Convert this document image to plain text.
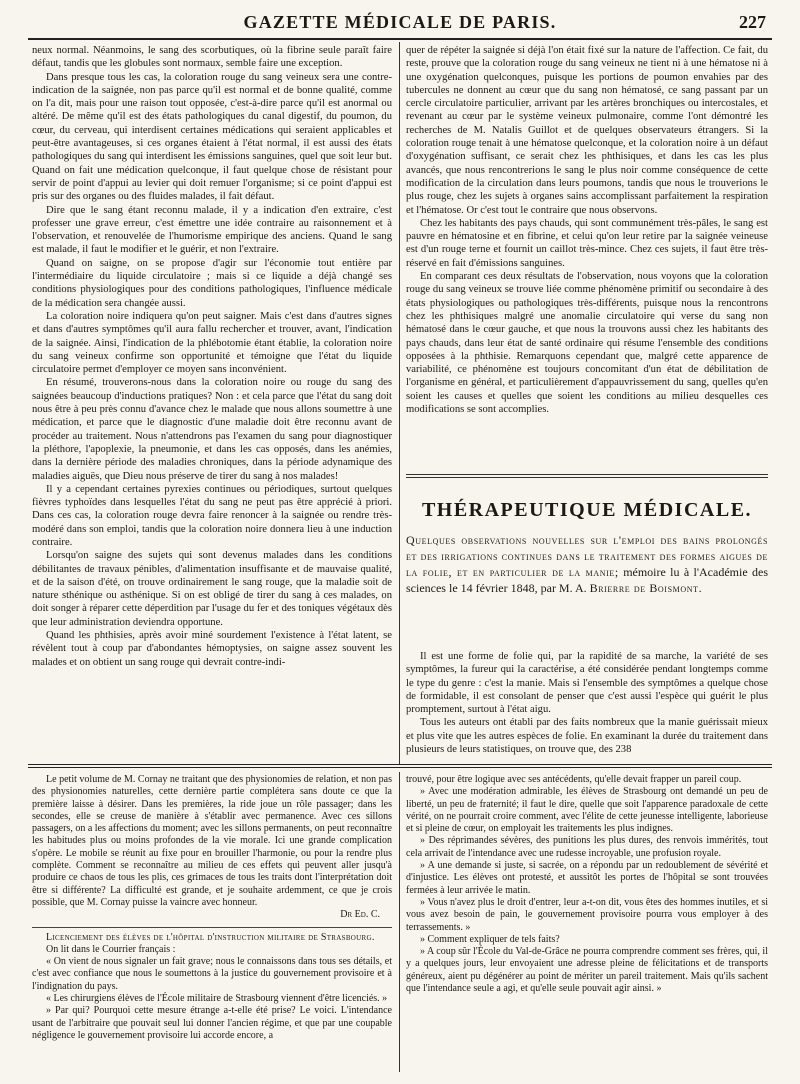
GAZETTE MÉDICALE DE PARIS.	227

neux normal. Néanmoins, le sang des scorbutiques, où la fibrine seule paraît faire défaut, tandis que les globules sont normaux, semble faire une exception.

Dans presque tous les cas, la coloration rouge du sang veineux sera une contre-indication de la saignée, non pas parce qu'il est normal et de bonne qualité, comme on l'a dit, mais pour une raison tout opposée, c'est-à-dire parce qu'il est anormal ou altéré. De même qu'il est des états pathologiques du canal digestif, du poumon, du cœur, du cerveau, qui interdisent certaines médications qui seraient applicables et peut-être avantageuses, si ces organes étaient à l'état normal, il est aussi des états pathologiques du sang qui interdisent les émissions sanguines, quel que soit leur but. Quand on fait une médication quelconque, il faut quelque chose de résistant pour servir de point d'appui au levier qui doit remuer l'organisme; si ce point d'appui est pris sur des organes ou des fluides malades, il fait défaut.

Dire que le sang étant reconnu malade, il y a indication d'en extraire, c'est professer une grave erreur, c'est émettre une idée contraire au raisonnement et à l'observation, et renouvelée de l'humorisme empirique des anciens. Quand le sang est malade, il faut le modifier et le guérir, et non l'extraire.

Quand on saigne, on se propose d'agir sur l'économie tout entière par l'intermédiaire du liquide circulatoire ; mais si ce liquide a déjà changé ses conditions physiologiques pour des conditions pathologiques, l'influence médicale de la médication sera changée aussi.

La coloration noire indiquera qu'on peut saigner. Mais c'est dans d'autres signes et dans d'autres symptômes qu'il aura fallu rechercher et trouver, avant, l'indication de la saignée. Ainsi, l'indication de la phlébotomie étant établie, la coloration noire du sang veineux confirme son opportunité et témoigne que l'état du liquide circulatoire permet d'employer ce moyen sans inconvénient.

En résumé, trouverons-nous dans la coloration noire ou rouge du sang des saignées beaucoup d'inductions pratiques? Non : et cela parce que l'état du sang doit nous être à peu près connu d'avance chez le malade que nous allons soumettre à une médication, et parce que le diagnostic d'une maladie doit être reconnu avant de procéder au traitement. Nous n'attendrons pas l'examen du sang pour diagnostiquer la pléthore, l'apoplexie, la pneumonie, et dans les cas opposés, dans les anémies, dans la dernière période des maladies chroniques, dans la période adynamique des maladies aiguës, que Dieu nous préserve de tirer du sang à nos malades!

Il y a cependant certaines pyrexies continues ou périodiques, surtout quelques fièvres typhoïdes dans lesquelles l'état du sang ne peut pas être apprécié à priori. Dans ces cas, la coloration rouge devra faire renoncer à la saignée ou rendre très-modéré dans son emploi, tandis que la coloration noire donnera lieu à une induction contraire.

Lorsqu'on saigne des sujets qui sont devenus malades dans les conditions débilitantes de travaux pénibles, d'alimentation insuffisante et de mauvaise qualité, et de la saison d'été, on trouve ordinairement le sang rouge, que la maladie soit de nature sthénique ou asthénique. Si on est obligé de tirer du sang à ces malades, on doit songer à réparer cette déperdition par l'usage du fer et des toniques végétaux dès que leur administration deviendra opportune.

Quand les phthisies, après avoir miné sourdement l'existence à l'état latent, se révèlent tout à coup par d'abondantes hémoptysies, on saigne assez souvent les malades et on obtient un sang rouge qui devrait contre-indi-

quer de répéter la saignée si déjà l'on était fixé sur la nature de l'affection. Ce fait, du reste, prouve que la coloration rouge du sang veineux ne tient ni à une hématose ni à une oxygénation quelconques, puisque les portions de poumon envahies par des tubercules ne donnent au cœur que du sang non hématosé, ce sang passant par un cercle circulatoire particulier, arrivant par les artères bronchiques ou intercostales, et revenant au cœur par le système veineux pulmonaire, comme l'ont démontré les recherches de M. Natalis Guillot et de quelques observateurs étrangers. Si la coloration rouge tenait à une hématose quelconque, et la coloration noire à un défaut d'oxygénation suffisant, ce serait chez les phthisiques, et dans les cas les plus avancés, que nous rencontrerions le sang le plus noir comme conséquence de cette modification de la circulation dans leurs poumons, tandis que nous le trouverions le plus rouge, chez les sujets à organes sains accomplissant parfaitement la respiration et l'hématose. Or c'est tout le contraire que nous observons.

Chez les habitants des pays chauds, qui sont communément très-pâles, le sang est pauvre en hématosine et en fibrine, et celui qu'on leur retire par la saignée veineuse est d'un rouge terne et fournit un caillot très-mince. Chez ces sujets, il faut être très-réservé en fait d'émissions sanguines.

En comparant ces deux résultats de l'observation, nous voyons que la coloration rouge du sang veineux se trouve liée comme phénomène primitif ou secondaire à des états physiologiques ou pathologiques très-différents, puisque nous la rencontrons chez les phthisiques malgré une anomalie circulatoire qui verse du sang non hématosé dans le cœur gauche, et que nous la trouvons aussi chez les habitants des pays chauds, dans leur état de santé ordinaire qui résume l'ensemble des conditions opposées à la phthisie. Remarquons cependant que, malgré cette apparence de variabilité, ce phénomène est toujours concomitant d'un état de débilitation de l'organisme en général, et particulièrement d'appauvrissement du sang, quelles qu'en soient les causes et quelles que soient les conditions au milieu desquelles ces modifications se sont accomplies.

THÉRAPEUTIQUE MÉDICALE.
Quelques observations nouvelles sur l'emploi des bains prolongés et des irrigations continues dans le traitement des formes aigues de la folie, et en particulier de la manie; mémoire lu à l'Académie des sciences le 14 février 1848, par M. A. Brierre de Boismont.

Il est une forme de folie qui, par la rapidité de sa marche, la variété de ses symptômes, la fureur qui la caractérise, a été considérée pendant longtemps comme le type du genre : c'est la manie. Mais si l'ensemble des symptômes a quelque chose de formidable, il est consolant de penser que c'est aussi l'espèce qui guérit le plus promptement, surtout à l'état aigu.

Tous les auteurs ont établi par des faits nombreux que la manie guérissait mieux et plus vite que les autres espèces de folie. En examinant la durée du traitement dans plusieurs de leurs statistiques, on trouve que, des 238

Le petit volume de M. Cornay ne traitant que des physionomies de relation, et non pas des physionomies naturelles, cette dernière partie complétera sans doute ce que la première laisse à désirer. Dans les premières, la ride joue un rôle passager; dans les secondes, elle se creuse de manière à s'établir avec permanence. Avec ces sillons passagers, on a les affections du moment; avec les sillons permanents, on peut reconnaître les habitudes plus ou moins profondes de la vie morale. Ici une grande complication s'opère. Le mobile se réunit au fixe pour en brouiller l'harmonie, ou pour la rendre plus complète. Comment se reconnaître au milieu de ces effets qui peuvent aller jusqu'à produire ce chaos de tous les plis, ces grimaces de tous les traits dont l'interprétation doit être si différente? La difficulté est grande, et je souhaite ardemment, ce que je crois possible, que M. Cornay puisse la vaincre avec honneur.

Dr Ed. C.

Licenciement des élèves de l'hôpital d'instruction militaire de Strasbourg.

On lit dans le Courrier français :

« On vient de nous signaler un fait grave; nous le connaissons dans tous ses détails, et c'est avec confiance que nous le soumettons à la justice du gouvernement provisoire et à l'indignation du pays.

« Les chirurgiens élèves de l'École militaire de Strasbourg viennent d'être licenciés. »

» Par qui? Pourquoi cette mesure étrange a-t-elle été prise? Le voici. L'intendance usant de l'arbitraire que pouvait seul lui donner l'ancien régime, et que par une coupable négligence le gouvernement provisoire lui accorde encore, a

trouvé, pour être logique avec ses antécédents, qu'elle devait frapper un pareil coup.

» Avec une modération admirable, les élèves de Strasbourg ont demandé un peu de liberté, un peu de fraternité; il faut le dire, quelle que soit l'apparence paradoxale de cette vérité, on ne pourrait croire comment, avec l'élite de cette jeunesse intelligente, laborieuse et si pleine de cœur, on employait les traitements les plus indignes.

» Des réprimandes sévères, des punitions les plus dures, des renvois immérités, tout cela arrivait de l'intendance avec une rudesse incroyable, une profusion royale.

» A une demande si juste, si sacrée, on a répondu par un redoublement de sévérité et d'injustice. Les élèves ont protesté, et aussitôt les portes de l'hôpital se sont trouvées fermées à leur arrivée le matin.

» Vous n'avez plus le droit d'entrer, leur a-t-on dit, vous êtes des hommes inutiles, et si vous avez besoin de pain, le gouvernement provisoire pourra vous employer à des terrassements. »

» Comment expliquer de tels faits?

» A coup sûr l'École du Val-de-Grâce ne pourra comprendre comment ses frères, qui, il y a quelques jours, leur envoyaient une adresse pleine de félicitations et de transports généreux, aient pu dégénérer au point de mériter un pareil traitement. Mais qu'ils sachent que l'intendance seule a agi, et qu'elle seule pouvait agir ainsi. »
